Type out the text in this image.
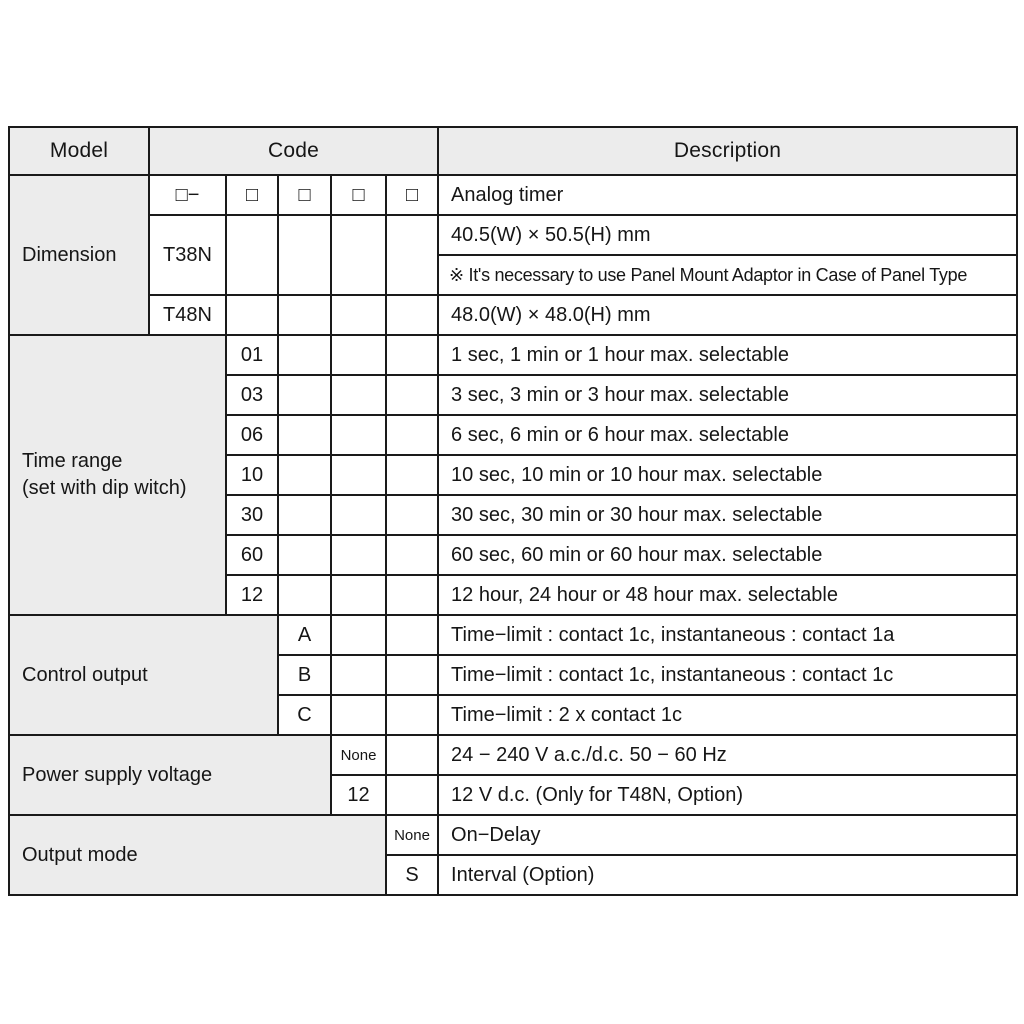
Model	Code					Description
Dimension	□−	□	□	□	□	Analog timer
	T38N					40.5(W) × 50.5(H) mm
						※ It's necessary to use Panel Mount Adaptor in Case of Panel Type
	T48N					48.0(W) × 48.0(H) mm

Time range
(set with dip witch)		01				1 sec, 1 min or 1 hour max. selectable
		03				3 sec, 3 min or 3 hour max. selectable
		06				6 sec, 6 min or 6 hour max. selectable
		10				10 sec, 10 min or 10 hour max. selectable
		30				30 sec, 30 min or 30 hour max. selectable
		60				60 sec, 60 min or 60 hour max. selectable
		12				12 hour, 24 hour or 48 hour max. selectable
Control output			A			Time−limit : contact 1c, instantaneous : contact 1a
			B			Time−limit : contact 1c, instantaneous : contact 1c
			C			Time−limit : 2 x contact 1c
Power supply voltage				None		24 − 240 V a.c./d.c. 50 − 60 Hz
				12		12 V d.c. (Only for T48N, Option)
Output mode					None	On−Delay
					S	Interval (Option)
